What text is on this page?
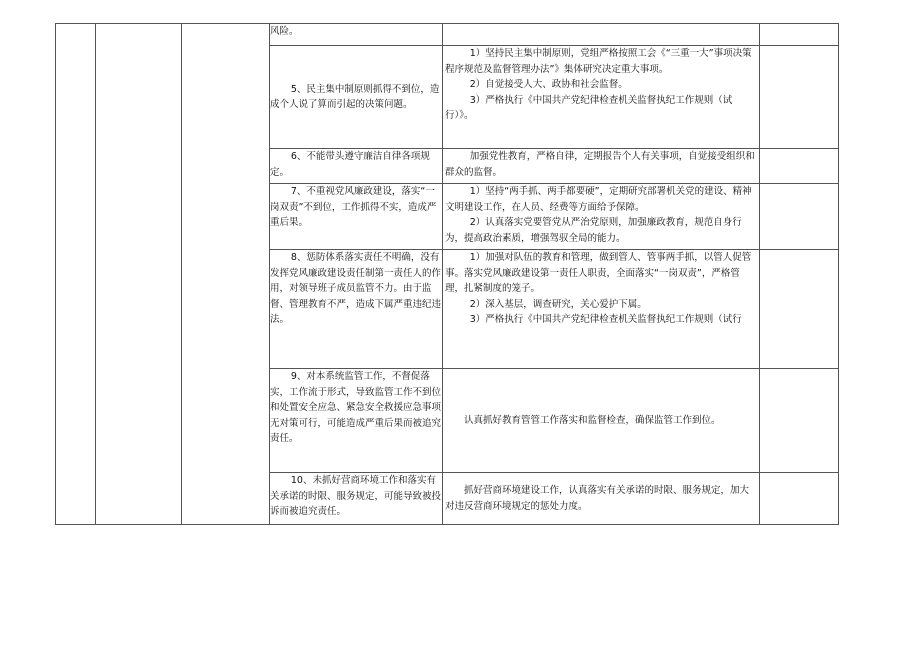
			风险。		
			5、民主集中制原则抓得不到位，造成个人说了算而引起的决策问题。	1）坚持民主集中制原则，党组严格按照工会《“三重一大”事项决策程序规范及监督管理办法”》集体研究决定重大事项。

2）自觉接受人大、政协和社会监督。

3）严格执行《中国共产党纪律检查机关监督执纪工作规则（试行）》。	

			6、不能带头遵守廉洁自律各项规定。	加强党性教育，严格自律，定期报告个人有关事项，自觉接受组织和群众的监督。	

			7、不重视党风廉政建设，落实“一岗双责”不到位，工作抓得不实，造成严重后果。	1）坚持“两手抓、两手都要硬”，定期研究部署机关党的建设、精神文明建设工作，在人员、经费等方面给予保障。

2）认真落实党要管党从严治党原则，加强廉政教育，规范自身行为，提高政治素质，增强驾驭全局的能力。	

			8、惩防体系落实责任不明确，没有发挥党风廉政建设责任制第一责任人的作用，对领导班子成员监管不力。由于监督、管理教育不严，造成下属严重违纪违法。	1）加强对队伍的教育和管理，做到管人、管事两手抓，以管人促管事。落实党风廉政建设第一责任人职责，全面落实“一岗双责”，严格管理，扎紧制度的笼子。

2）深入基层，调查研究，关心爱护下属。

3）严格执行《中国共产党纪律检查机关监督执纪工作规则（试行	

			9、对本系统监管工作，不督促落实，工作流于形式，导致监管工作不到位和处置安全应急、紧急安全救援应急事项无对策可行，可能造成严重后果而被追究责任。	认真抓好教育管管工作落实和监督检查，确保监管工作到位。	

			10、未抓好营商环境工作和落实有关承诺的时限、服务规定，可能导致被投诉而被追究责任。	抓好营商环境建设工作，认真落实有关承诺的时限、服务规定，加大对违反营商环境规定的惩处力度。	
